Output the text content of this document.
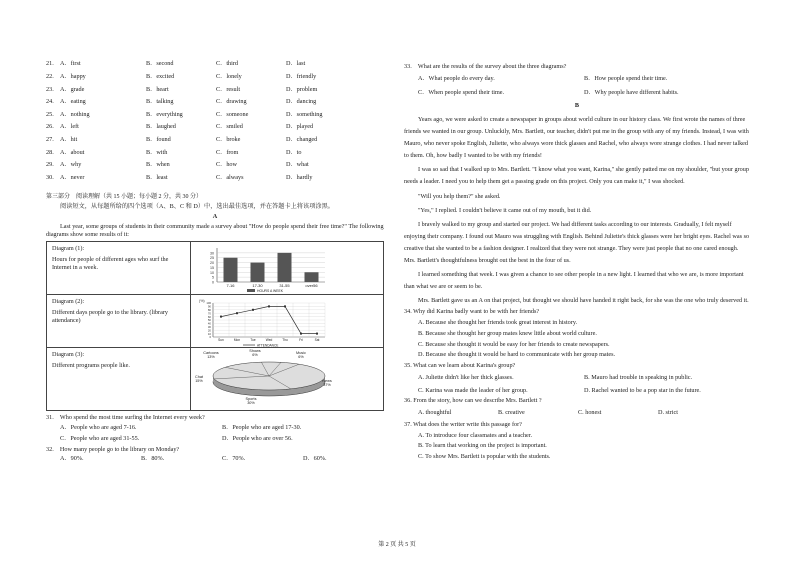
21.	A．first	B．second	C．third	D．last
22.	A．happy	B．excited	C．lonely	D．friendly
23.	A．grade	B．heart	C．result	D．problem
24.	A．eating	B．talking	C．drawing	D．dancing
25.	A．nothing	B．everything	C．someone	D．something
26.	A．left	B．laughed	C．smiled	D．played
27.	A．hit	B．found	C．broke	D．changed
28.	A．about	B．with	C．from	D．to
29.	A．why	B．when	C．how	D．what
30.	A．never	B．least	C．always	D．hardly
第三部分　阅读理解（共 15 小题；每小题 2 分，共 30 分）
阅读短文，从每题所给的四个选项（A、B、C 和 D）中，选出最佳选项，并在答题卡上将该项涂黑。
A
Last year, some groups of students in their community made a survey about "How do people spend their free time?" The following diagrams show some results of it:
Diagram (1):
Hours for people of different ages who surf the Internet in a week.
30
25
20
15
10
5
0
7-16	17-30	31-55	over56
HOURS A WEEK
Diagram (2):
Different days people go to the library. (library attendance)
(%)
100
90
80
70
60
50
40
30
20
10
0
Sun	Mon	Tue	Wed	Thu	Fri	Sat
ATTENDANCE
Diagram (3):
Different programs people like.
Cartoons
13%
Shows
6%	Music
6%
News
37%
Sports
30%
Chat
15%
31.　Who spend the most time surfing the Internet every week?
A．People who are aged 7-16.	B．People who are aged 17-30.
C．People who are aged 31-55.	D．People who are over 56.
32.　How many people go to the library on Monday?
A．90%.	B．80%.	C．70%.	D．60%.
33.　What are the results of the survey about the three diagrams?
A．What people do every day.	B．How people spend their time.
C．When people spend their time.	D．Why people have different habits.
B
Years ago, we were asked to create a newspaper in groups about world culture in our history class. We first wrote the names of three friends we wanted in our group. Unluckily, Mrs. Bartlett, our teacher, didn't put me in the group with any of my friends. Instead, I was with Mauro, who never spoke English, Juliette, who always wore thick glasses and Rachel, who always wore strange clothes. I had never talked to them. Oh, how badly I wanted to be with my friends!
I was so sad that I walked up to Mrs. Bartlett. "I know what you want, Karina," she gently patted me on my shoulder, "but your group needs a leader. I need you to help them get a passing grade on this project. Only you can make it," I was shocked.
"Will you help them?" she asked.
"Yes," I replied. I couldn't believe it came out of my mouth, but it did.
I bravely walked to my group and started our project. We had different tasks according to our interests. Gradually, I felt myself enjoying their company. I found out Mauro was struggling with English. Behind Juliette's thick glasses were her bright eyes. Rachel was so creative that she wanted to be a fashion designer. I realized that they were not strange. They were just people that no one cared enough. Mrs. Bartlett's thoughtfulness brought out the best in the four of us.
I learned something that week. I was given a chance to see other people in a new light. I learned that who we are, is more important than what we are or seem to be.
Mrs. Bartlett gave us an A on that project, but thought we should have handed it right back, for she was the one who truly deserved it.
34. Why did Karina badly want to be with her friends?
A. Because she thought her friends took great interest in history.
B. Because she thought her group mates knew little about world culture.
C. Because she thought it would be easy for her friends to create newspapers.
D. Because she thought it would be hard to communicate with her group mates.
35. What can we learn about Karina's group?
A. Juliette didn't like her thick glasses.	B. Mauro had trouble in speaking in public.
C. Karina was made the leader of her group.	D. Rachel wanted to be a pop star in the future.
36. From the story, how can we describe Mrs. Bartlett ?
A. thoughtful	B. creative	C. honest	D. strict
37. What does the writer write this passage for?
A. To introduce four classmates and a teacher.
B. To learn that working on the project is important.
C. To show Mrs. Bartlett is popular with the students.
第 2 页 共 5 页
